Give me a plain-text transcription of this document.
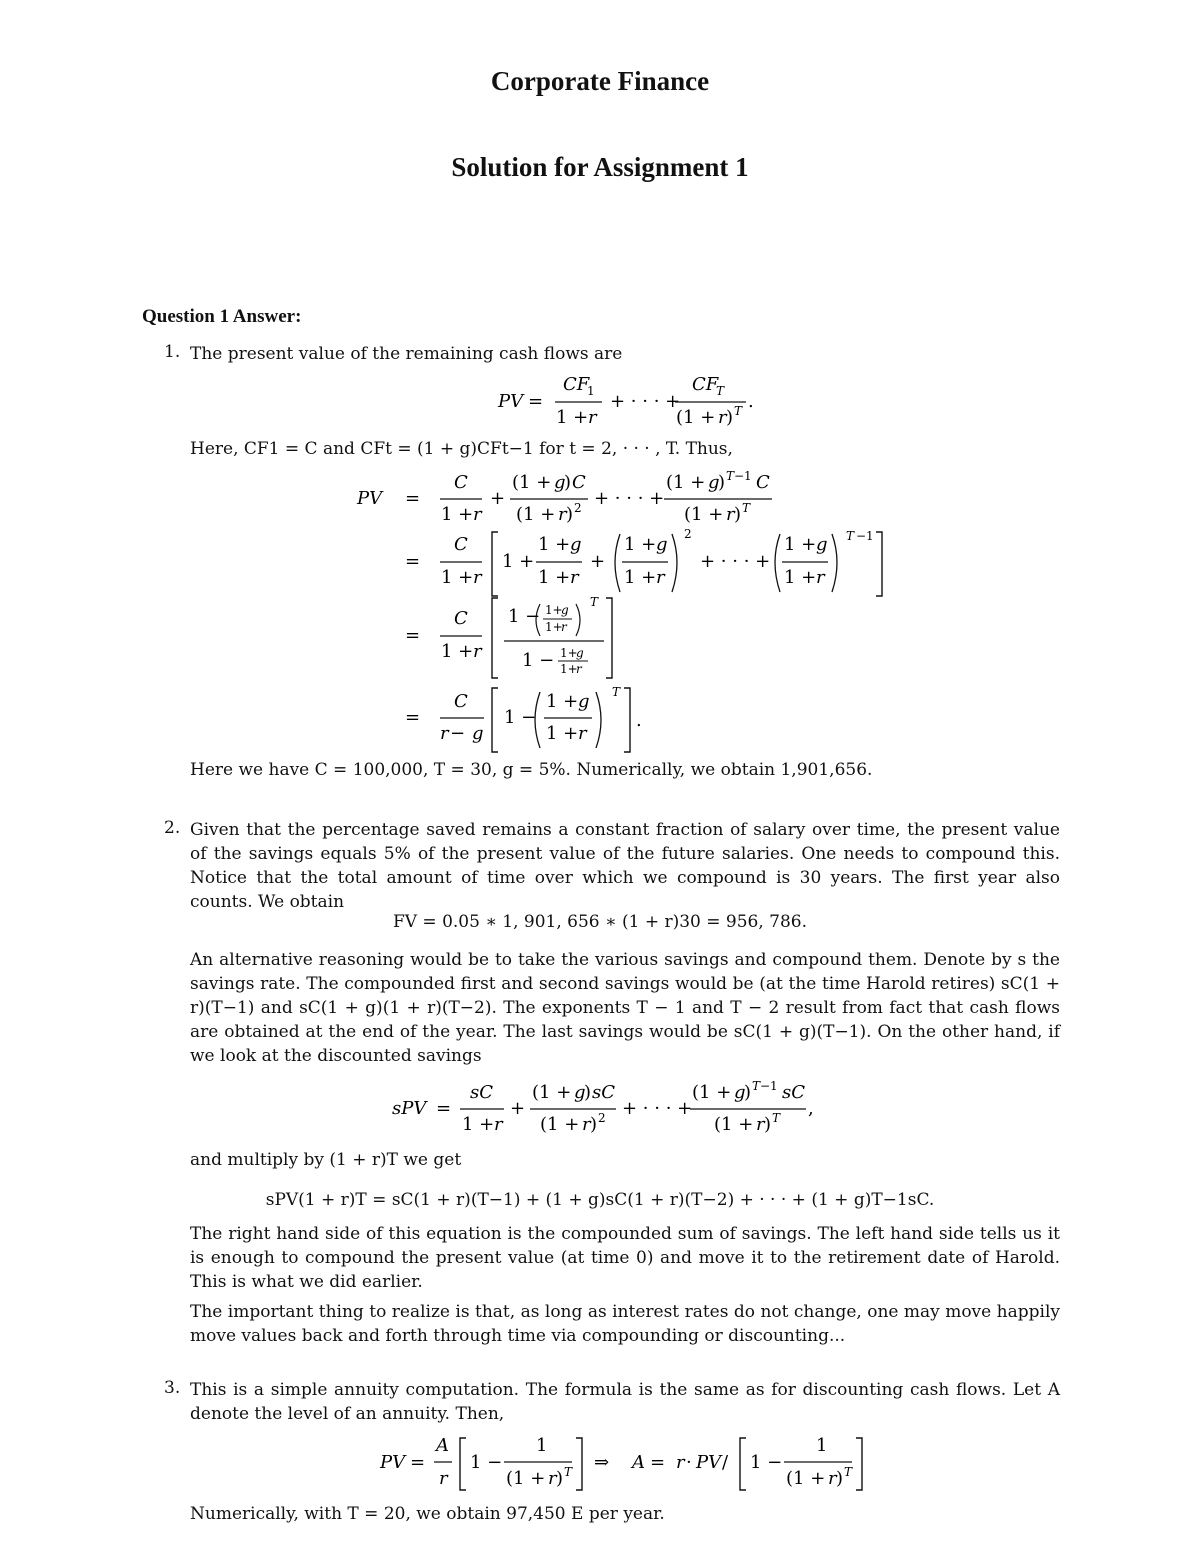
Corporate Finance
Solution for Assignment 1
Question 1 Answer:
1. The present value of the remaining cash flows are
PV =
CF
1
1 + r
+ · · · +
CF
T
(1 + r ) T .
Here, CF1 = C and CFt = (1 + g)CFt−1 for t = 2, · · · , T. Thus,
PV =
C
1 + r
+
(1 + g
) C
(1 + r ) 2 + · · · +
(1 + g
) T −1 C
(1 + r ) T
=
C
1 + r
1 +
1 + g
1 + r
+
1 + g
1 + r
2
+ · · · +
1 + g
1 + r
T −1
=
C
1 + r
1 − 1+
g
1+
r
T
1 − 1+
g
1+
r
=
C
r − g
1 −
1 + g
1 + r
T
.
Here we have C = 100,000, T = 30, g = 5%. Numerically, we obtain 1,901,656.
2. Given that the percentage saved remains a constant fraction of salary over time, the present value of the savings equals 5% of the present value of the future salaries. One needs to compound this. Notice that the total amount of time over which we compound is 30 years. The first year also counts. We obtain

FV = 0.05 ∗ 1, 901, 656 ∗ (1 + r)30 = 956, 786.

An alternative reasoning would be to take the various savings and compound them. Denote by s the savings rate. The compounded first and second savings would be (at the time Harold retires) sC(1 + r)(T−1) and sC(1 + g)(1 + r)(T−2). The exponents T − 1 and T − 2 result from fact that cash flows are obtained at the end of the year. The last savings would be sC(1 + g)(T−1). On the other hand, if we look at the discounted savings

sPV =
sC
1 + r
+
(1 + g
) sC
(1 + r ) 2 + · · · +
(1 + g
) T −1 sC
(1 + r ) T ,
and multiply by (1 + r)T we get
sPV(1 + r)T = sC(1 + r)(T−1) + (1 + g)sC(1 + r)(T−2) + · · · + (1 + g)T−1sC.

The right hand side of this equation is the compounded sum of savings. The left hand side tells us it is enough to compound the present value (at time 0) and move it to the retirement date of Harold. This is what we did earlier.

The important thing to realize is that, as long as interest rates do not change, one may move happily move values back and forth through time via compounding or discounting...

3. This is a simple annuity computation. The formula is the same as for discounting cash flows. Let A denote the level of an annuity. Then,

PV =
A
r
1 −
1
(1 + r ) T ⇒ A = r · PV / 1 −
1
(1 + r ) T
Numerically, with T = 20, we obtain 97,450 E per year.
